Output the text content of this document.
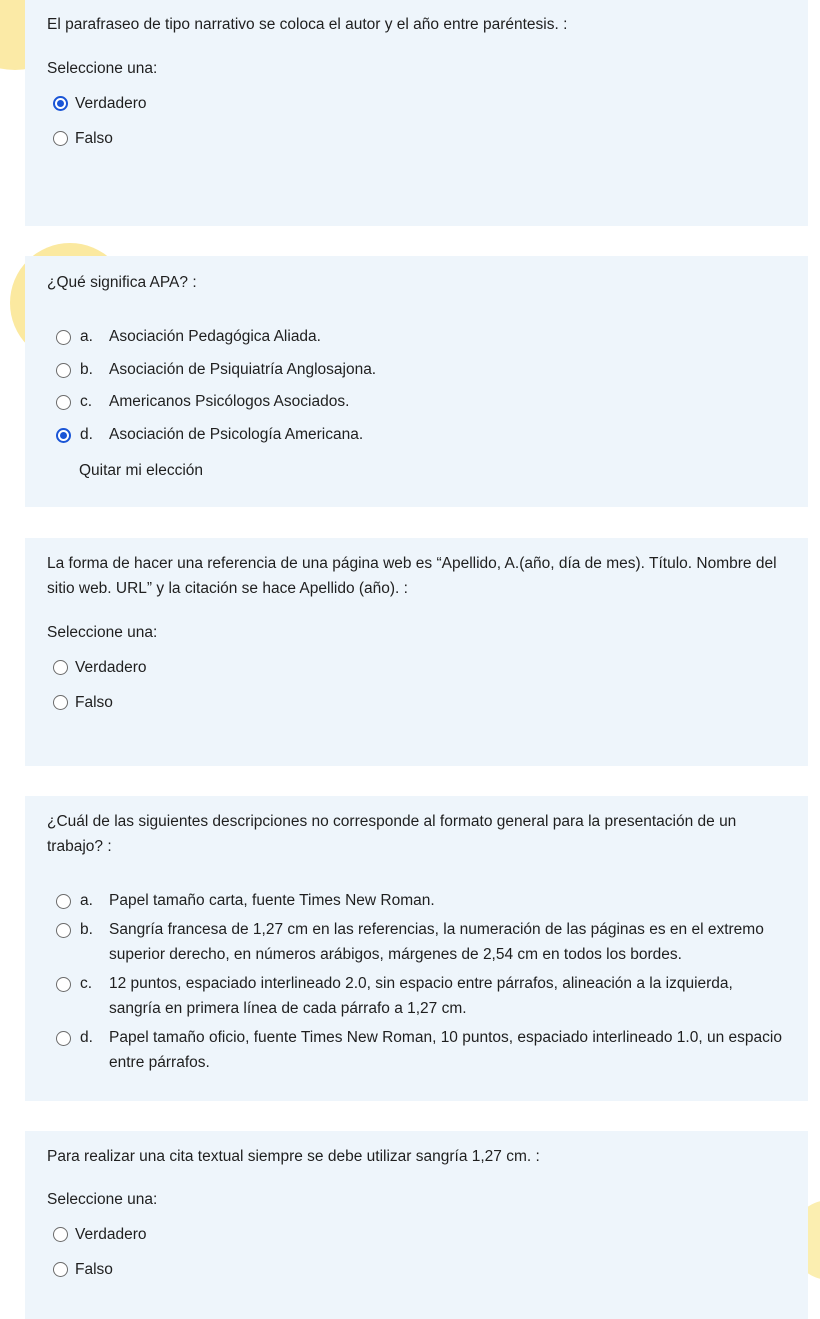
El parafraseo de tipo narrativo se coloca el autor y el año entre paréntesis. :

Seleccione una:

Verdadero
Falso

¿Qué significa APA? :

a.	Asociación Pedagógica Aliada.
b.	Asociación de Psiquiatría Anglosajona.
c.	Americanos Psicólogos Asociados.
d.	Asociación de Psicología Americana.
Quitar mi elección

La forma de hacer una referencia de una página web es “Apellido, A.(año, día de mes). Título. Nombre del sitio web. URL” y la citación se hace Apellido (año). :

Seleccione una:

Verdadero
Falso

¿Cuál de las siguientes descripciones no corresponde al formato general para la presentación de un trabajo? :

a.	Papel tamaño carta, fuente Times New Roman.
b.	Sangría francesa de 1,27 cm en las referencias, la numeración de las páginas es en el extremo superior derecho, en números arábigos, márgenes de 2,54 cm en todos los bordes.
c.	12 puntos, espaciado interlineado 2.0, sin espacio entre párrafos, alineación a la izquierda, sangría en primera línea de cada párrafo a 1,27 cm.
d.	Papel tamaño oficio, fuente Times New Roman, 10 puntos, espaciado interlineado 1.0, un espacio entre párrafos.

Para realizar una cita textual siempre se debe utilizar sangría 1,27 cm. :

Seleccione una:

Verdadero
Falso
